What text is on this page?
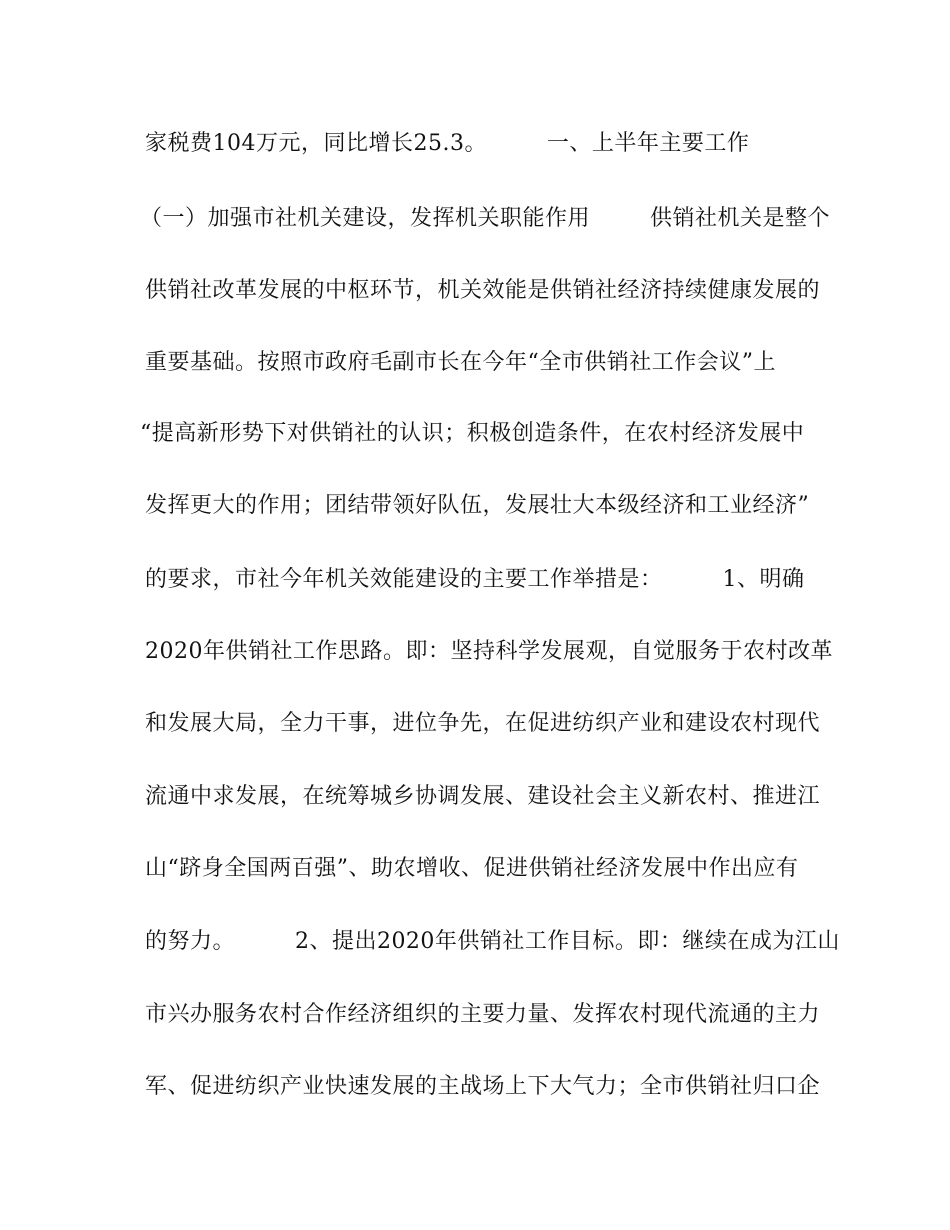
家税费104万元，同比增长25.3。        一、上半年主要工作
（一）加强市社机关建设，发挥机关职能作用        供销社机关是整个
供销社改革发展的中枢环节，机关效能是供销社经济持续健康发展的
重要基础。按照市政府毛副市长在今年“全市供销社工作会议”上
“提高新形势下对供销社的认识；积极创造条件，在农村经济发展中
发挥更大的作用；团结带领好队伍，发展壮大本级经济和工业经济”
的要求，市社今年机关效能建设的主要工作举措是：        1、明确
2020年供销社工作思路。即：坚持科学发展观，自觉服务于农村改革
和发展大局，全力干事，进位争先，在促进纺织产业和建设农村现代
流通中求发展，在统筹城乡协调发展、建设社会主义新农村、推进江
山“跻身全国两百强”、助农增收、促进供销社经济发展中作出应有
的努力。        2、提出2020年供销社工作目标。即：继续在成为江山
市兴办服务农村合作经济组织的主要力量、发挥农村现代流通的主力
军、促进纺织产业快速发展的主战场上下大气力；全市供销社归口企
